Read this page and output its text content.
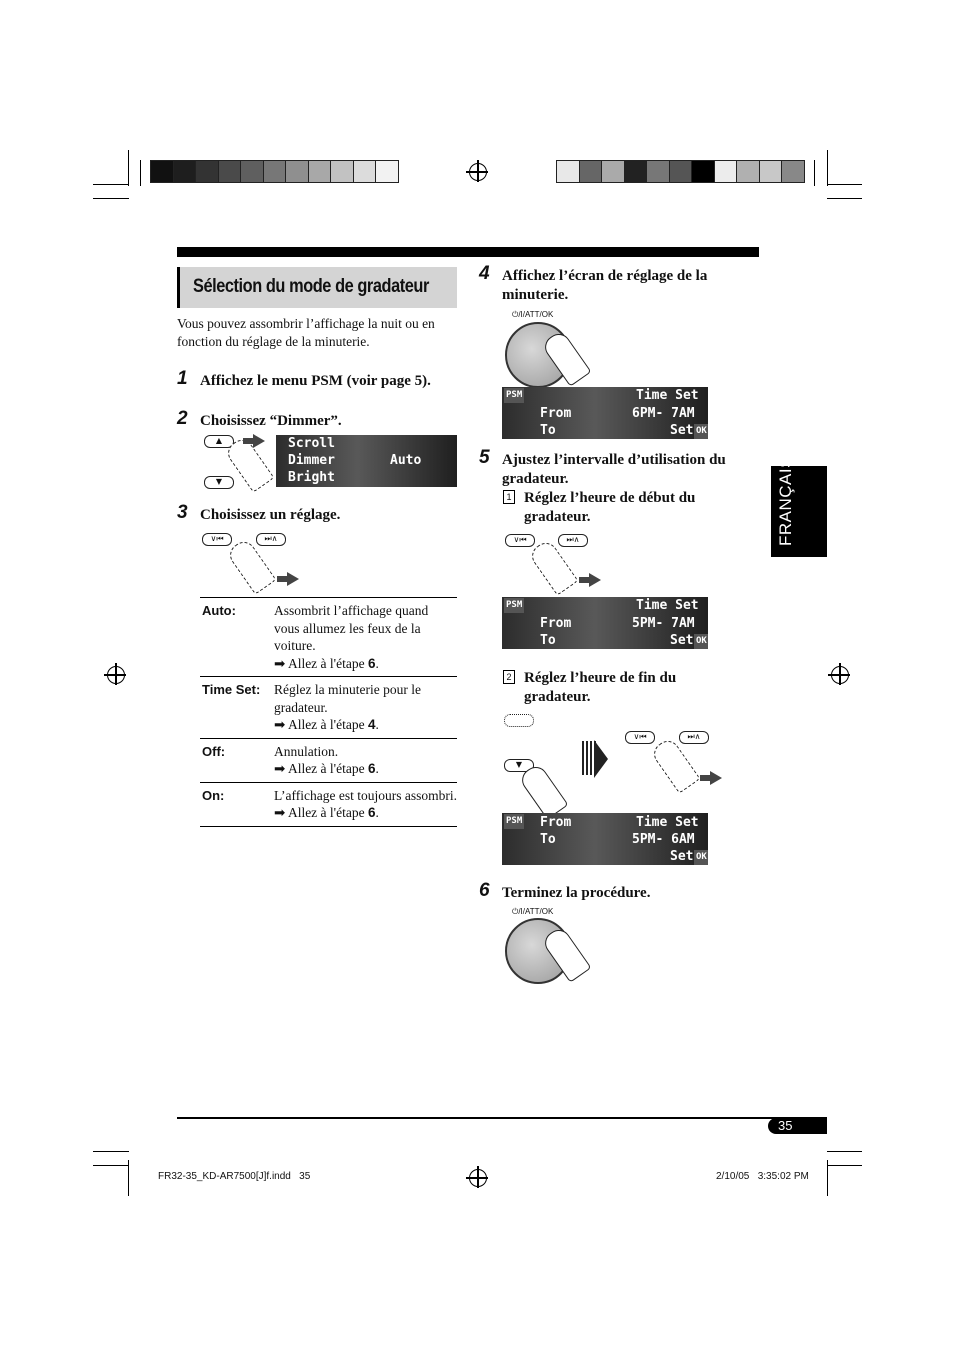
Sélection du mode de gradateur
Vous pouvez assombrir l’affichage la nuit ou en fonction du réglage de la minuterie.
1 Affichez le menu PSM (voir page 5).
2 Choisissez “Dimmer”.
▲
▼
Scroll
Dimmer
Bright
Auto
3 Choisissez un réglage.
∨⏮	⏭∧
Auto:	Assombrit l’affichage quand vous allumez les feux de la voiture.
➡ Allez à l'étape 6.
Time Set:	Réglez la minuterie pour le gradateur.
➡ Allez à l'étape 4.
Off:	Annulation.
➡ Allez à l'étape 6.
On:	L’affichage est toujours assombri.
➡ Allez à l'étape 6.
4 Affichez l’écran de réglage de la minuterie.
⏻/I/ATT/OK
PSM
From
To
Time Set
6PM- 7AM
Set OK
5 Ajustez l’intervalle d’utilisation du gradateur.
1 Réglez l’heure de début du gradateur.
∨⏮	⏭∧
PSM
From
To
Time Set
5PM- 7AM
Set OK
2 Réglez l’heure de fin du gradateur.
▼
∨⏮	⏭∧
PSM From
To
Time Set
5PM- 6AM
Set OK
6 Terminez la procédure.
⏻/I/ATT/OK
FRANÇAIS
35
FR32-35_KD-AR7500[J]f.indd   35	2/10/05   3:35:02 PM
